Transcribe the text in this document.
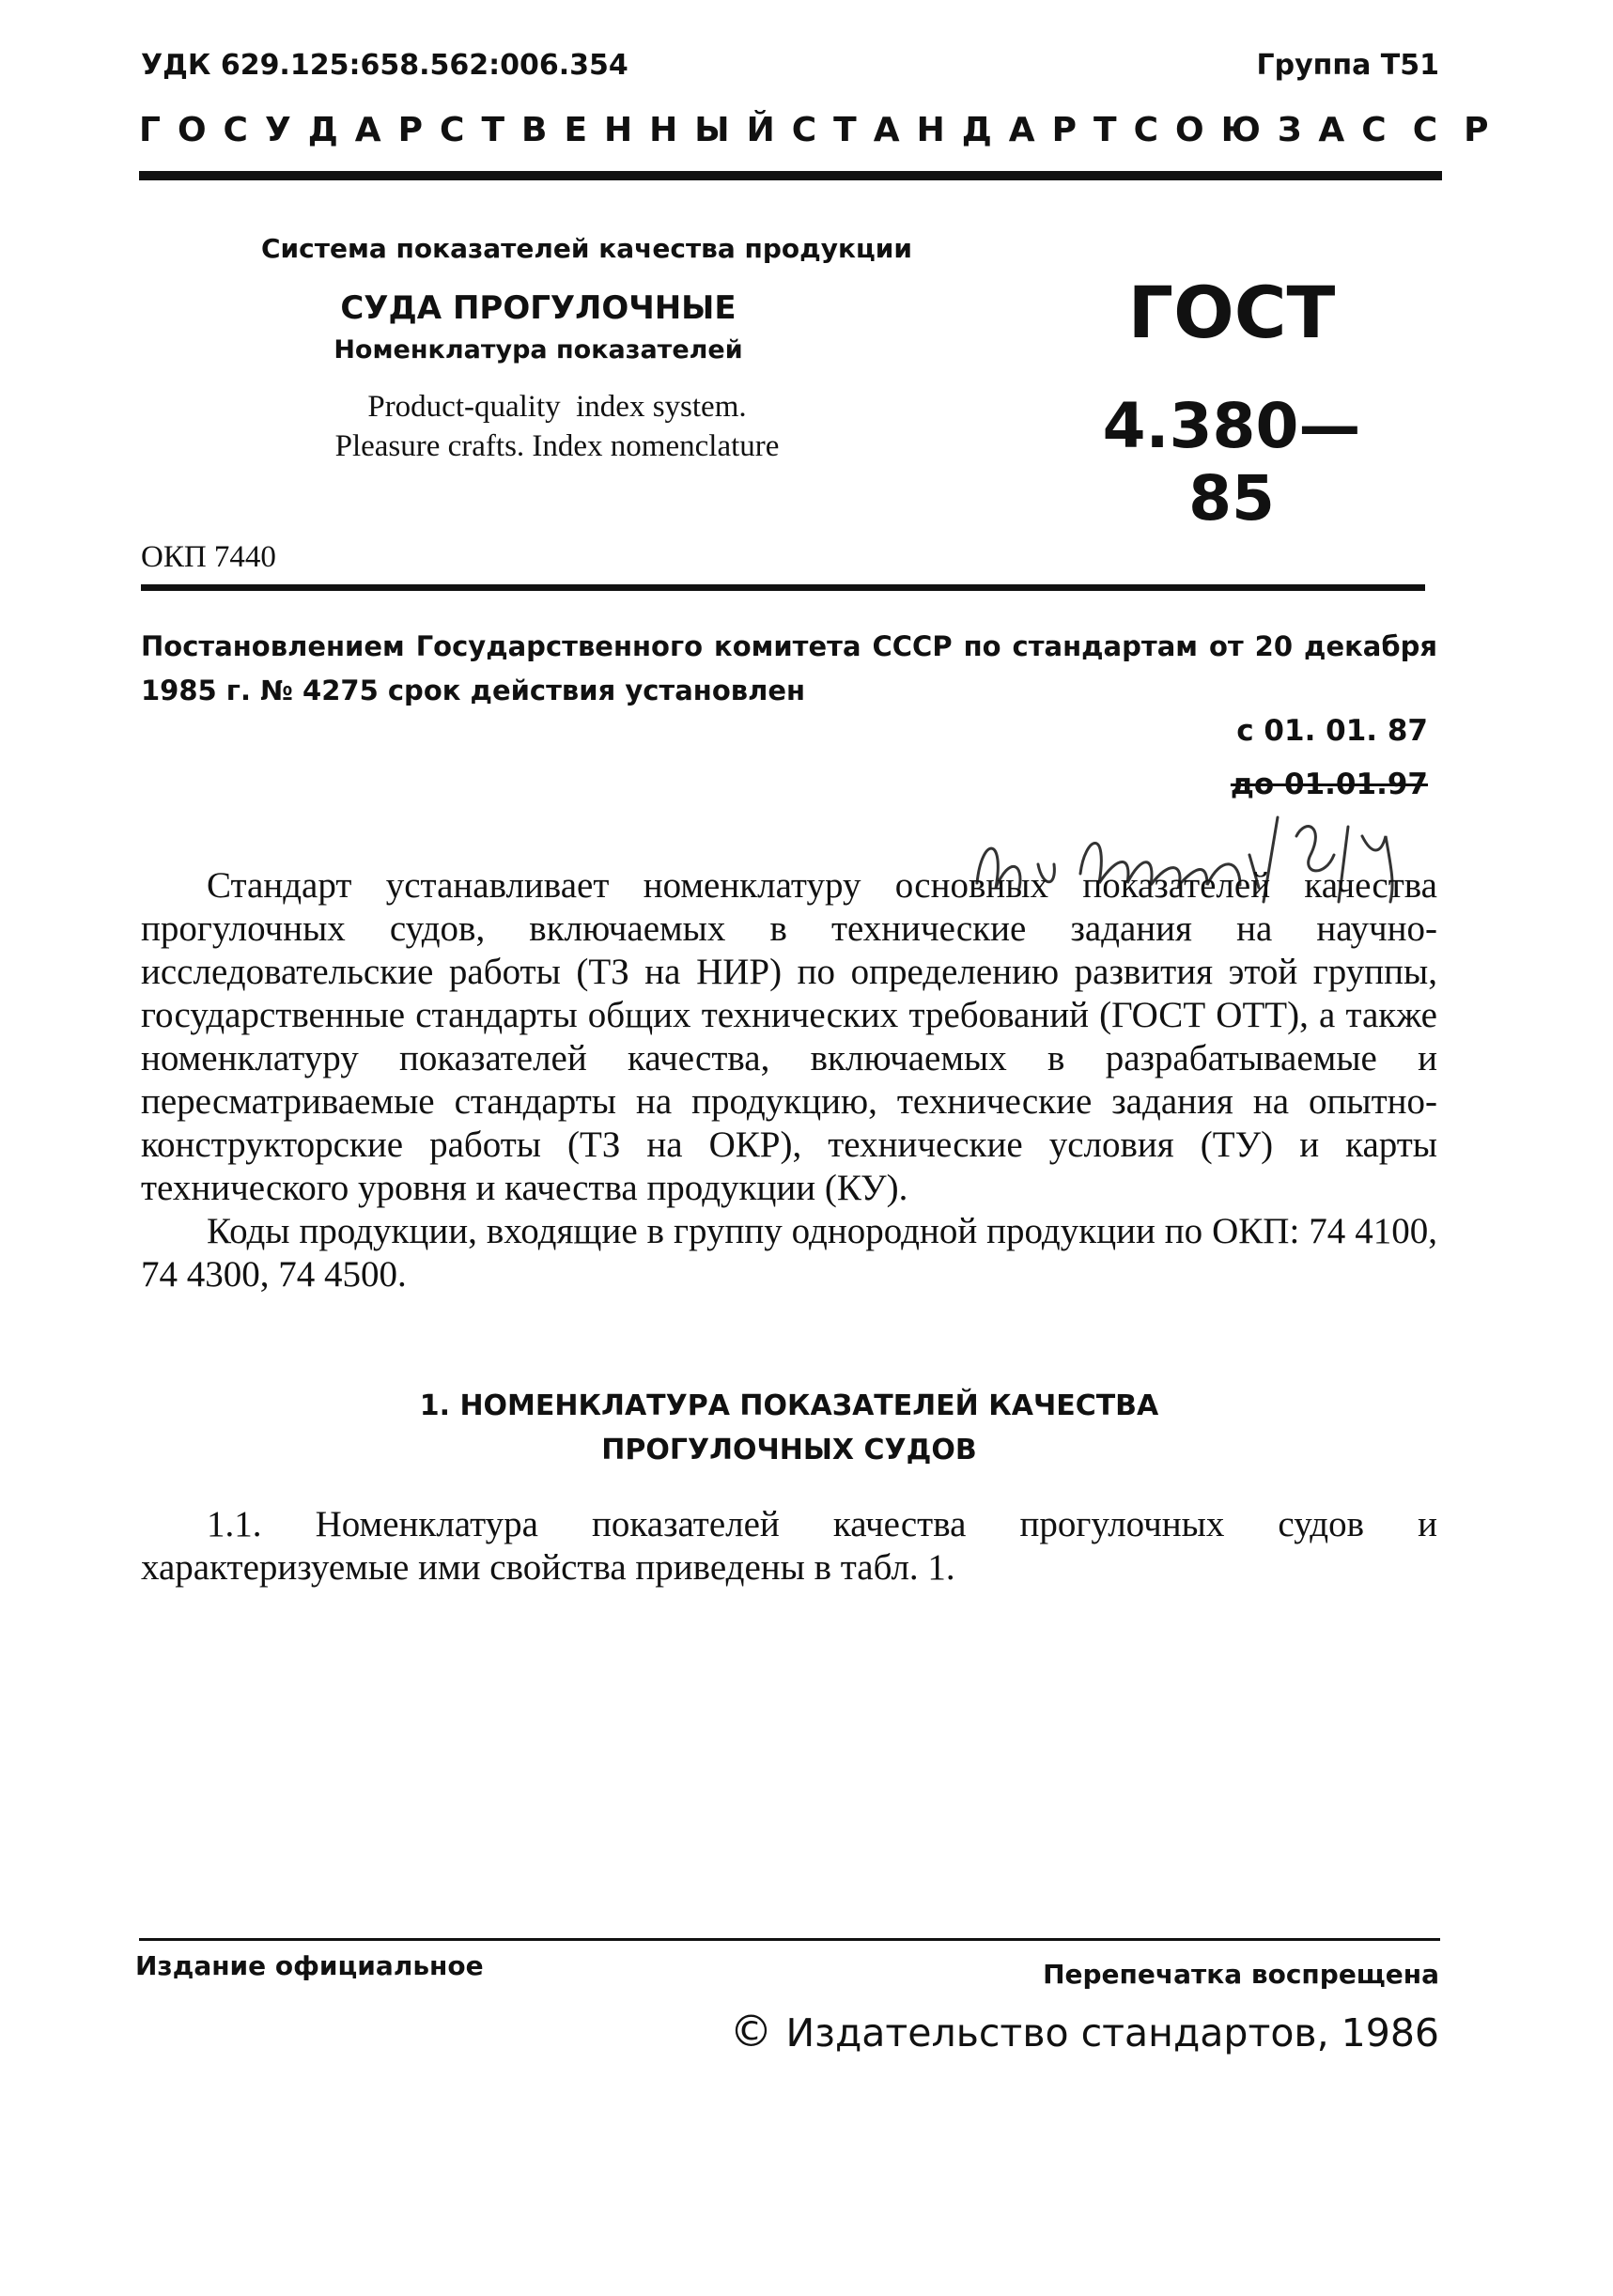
УДК 629.125:658.562:006.354	Группа Т51
ГОСУДАРСТВЕННЫЙ СТАНДАРТ СОЮЗА ССР
Система показателей качества продукции
СУДА ПРОГУЛОЧНЫЕ
Номенклатура показателей
Product-quality  index system.
Pleasure crafts. Index nomenclature
ГОСТ
4.380—85
ОКП 7440
Постановлением Государственного комитета СССР по стандартам от 20 декабря 1985 г. № 4275 срок действия установлен
с 01. 01. 87
до 01.01.97

Стандарт устанавливает номенклатуру основных показателей качества прогулочных судов, включаемых в технические задания на научно-исследовательские работы (ТЗ на НИР) по определению развития этой группы, государственные стандарты общих технических требований (ГОСТ ОТТ), а также номенклатуру показателей качества, включаемых в разрабатываемые и пересматриваемые стандарты на продукцию, технические задания на опытно-конструкторские работы (ТЗ на ОКР), технические условия (ТУ) и карты технического уровня и качества продукции (КУ).

Коды продукции, входящие в группу однородной продукции по ОКП: 74 4100, 74 4300, 74 4500.

1. НОМЕНКЛАТУРА ПОКАЗАТЕЛЕЙ КАЧЕСТВА
ПРОГУЛОЧНЫХ СУДОВ
1.1. Номенклатура показателей качества прогулочных судов и характеризуемые ими свойства приведены в табл. 1.
Издание официальное	Перепечатка воспрещена
© Издательство стандартов, 1986
